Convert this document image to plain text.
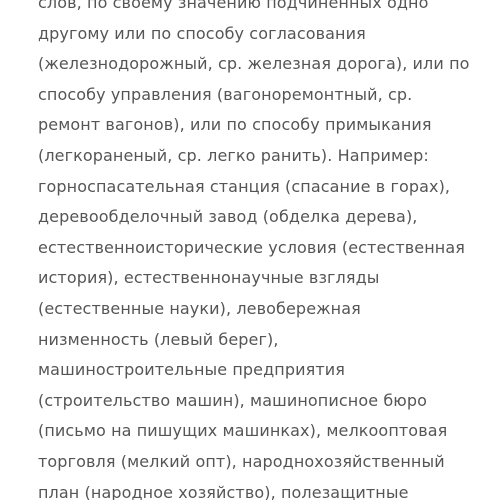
слов, по своему значению подчиненных одно
другому или по способу согласования
(железнодорожный, ср. железная дорога), или по
способу управления (вагоноремонтный, ср.
ремонт вагонов), или по способу примыкания
(легкораненый, ср. легко ранить). Например:
горноспасательная станция (спасание в горах),
деревообделочный завод (обделка дерева),
естественноисторические условия (естественная
история), естественнонаучные взгляды
(естественные науки), левобережная
низменность (левый берег),
машиностроительные предприятия
(строительство машин), машинописное бюро
(письмо на пишущих машинках), мелкооптовая
торговля (мелкий опт), народнохозяйственный
план (народное хозяйство), полезащитные
